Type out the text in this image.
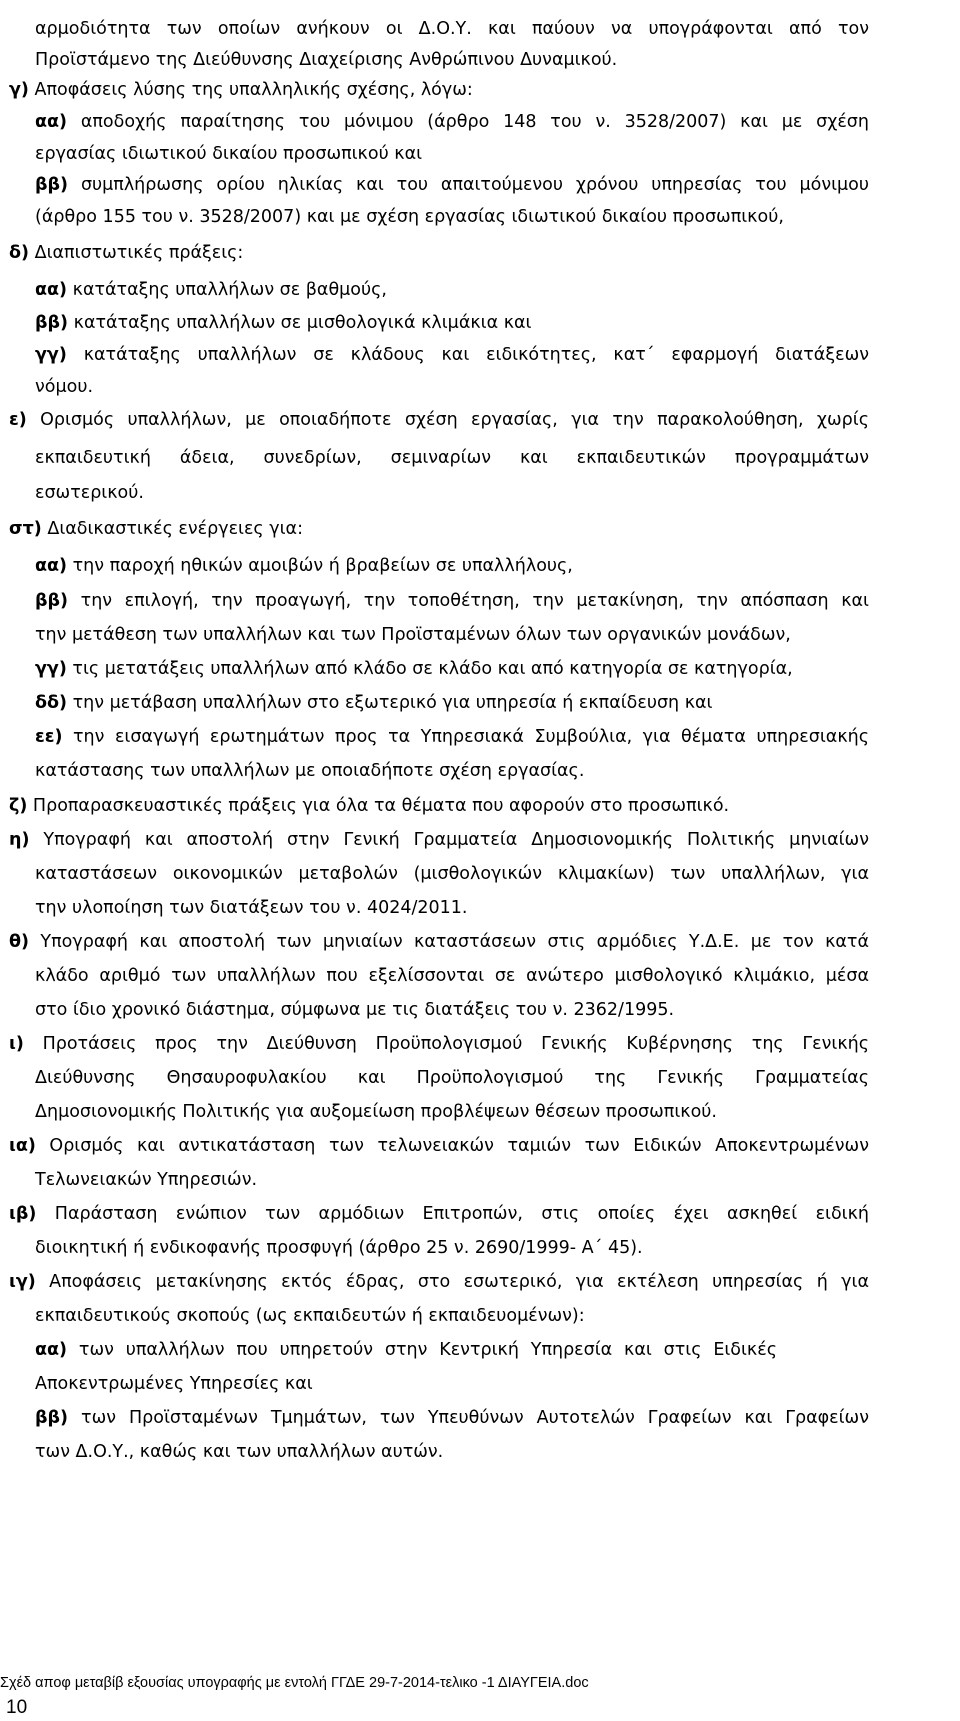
αρμοδιότητα των οποίων ανήκουν οι Δ.Ο.Υ. και παύουν να υπογράφονται από τον
Προϊστάμενο της Διεύθυνσης Διαχείρισης Ανθρώπινου Δυναμικού.
γ) Αποφάσεις λύσης της υπαλληλικής σχέσης, λόγω:
αα) αποδοχής παραίτησης του μόνιμου (άρθρο 148 του ν. 3528/2007) και με σχέση
εργασίας ιδιωτικού δικαίου προσωπικού και
ββ) συμπλήρωσης ορίου ηλικίας και του απαιτούμενου χρόνου υπηρεσίας του μόνιμου
(άρθρο 155 του ν. 3528/2007) και με σχέση εργασίας ιδιωτικού δικαίου προσωπικού,
δ) Διαπιστωτικές πράξεις:
αα) κατάταξης υπαλλήλων σε βαθμούς,
ββ) κατάταξης υπαλλήλων σε μισθολογικά κλιμάκια και
γγ) κατάταξης υπαλλήλων σε κλάδους και ειδικότητες, κατ΄ εφαρμογή διατάξεων
νόμου.
ε) Ορισμός υπαλλήλων, με οποιαδήποτε σχέση εργασίας, για την παρακολούθηση, χωρίς
εκπαιδευτική άδεια, συνεδρίων, σεμιναρίων και εκπαιδευτικών προγραμμάτων
εσωτερικού.
στ) Διαδικαστικές ενέργειες για:
αα) την παροχή ηθικών αμοιβών ή βραβείων σε υπαλλήλους,
ββ) την επιλογή, την προαγωγή, την τοποθέτηση, την μετακίνηση, την απόσπαση και
την μετάθεση των υπαλλήλων και των Προϊσταμένων όλων των οργανικών μονάδων,
γγ) τις μετατάξεις υπαλλήλων από κλάδο σε κλάδο και από κατηγορία σε κατηγορία,
δδ) την μετάβαση υπαλλήλων στο εξωτερικό για υπηρεσία ή εκπαίδευση και
εε) την εισαγωγή ερωτημάτων προς τα Υπηρεσιακά Συμβούλια, για θέματα υπηρεσιακής
κατάστασης των υπαλλήλων με οποιαδήποτε σχέση εργασίας.
ζ) Προπαρασκευαστικές πράξεις για όλα τα θέματα που αφορούν στο προσωπικό.
η) Υπογραφή και αποστολή στην Γενική Γραμματεία Δημοσιονομικής Πολιτικής μηνιαίων
καταστάσεων οικονομικών μεταβολών (μισθολογικών κλιμακίων) των υπαλλήλων, για
την υλοποίηση των διατάξεων του ν. 4024/2011.
θ) Υπογραφή και αποστολή των μηνιαίων καταστάσεων στις αρμόδιες Υ.Δ.Ε. με τον κατά
κλάδο αριθμό των υπαλλήλων που εξελίσσονται σε ανώτερο μισθολογικό κλιμάκιο, μέσα
στο ίδιο χρονικό διάστημα, σύμφωνα με τις διατάξεις του ν. 2362/1995.
ι) Προτάσεις προς την Διεύθυνση Προϋπολογισμού Γενικής Κυβέρνησης της Γενικής
Διεύθυνσης Θησαυροφυλακίου και Προϋπολογισμού της Γενικής Γραμματείας
Δημοσιονομικής Πολιτικής για αυξομείωση προβλέψεων θέσεων προσωπικού.
ια) Ορισμός και αντικατάσταση των τελωνειακών ταμιών των Ειδικών Αποκεντρωμένων
Τελωνειακών Υπηρεσιών.
ιβ) Παράσταση ενώπιον των αρμόδιων Επιτροπών, στις οποίες έχει ασκηθεί ειδική
διοικητική ή ενδικοφανής προσφυγή (άρθρο 25 ν. 2690/1999- Α΄ 45).
ιγ) Αποφάσεις μετακίνησης εκτός έδρας, στο εσωτερικό, για εκτέλεση υπηρεσίας ή για
εκπαιδευτικούς σκοπούς (ως εκπαιδευτών ή εκπαιδευομένων):
αα) των υπαλλήλων που υπηρετούν στην Κεντρική Υπηρεσία και στις Ειδικές
Αποκεντρωμένες Υπηρεσίες και
ββ) των Προϊσταμένων Τμημάτων, των Υπευθύνων Αυτοτελών Γραφείων και Γραφείων
των Δ.Ο.Υ., καθώς και των υπαλλήλων αυτών.
Σχέδ αποφ μεταβίβ εξουσίας υπογραφής με εντολή ΓΓΔΕ 29-7-2014-τελικο -1 ΔΙΑΥΓΕΙΑ.doc
10
